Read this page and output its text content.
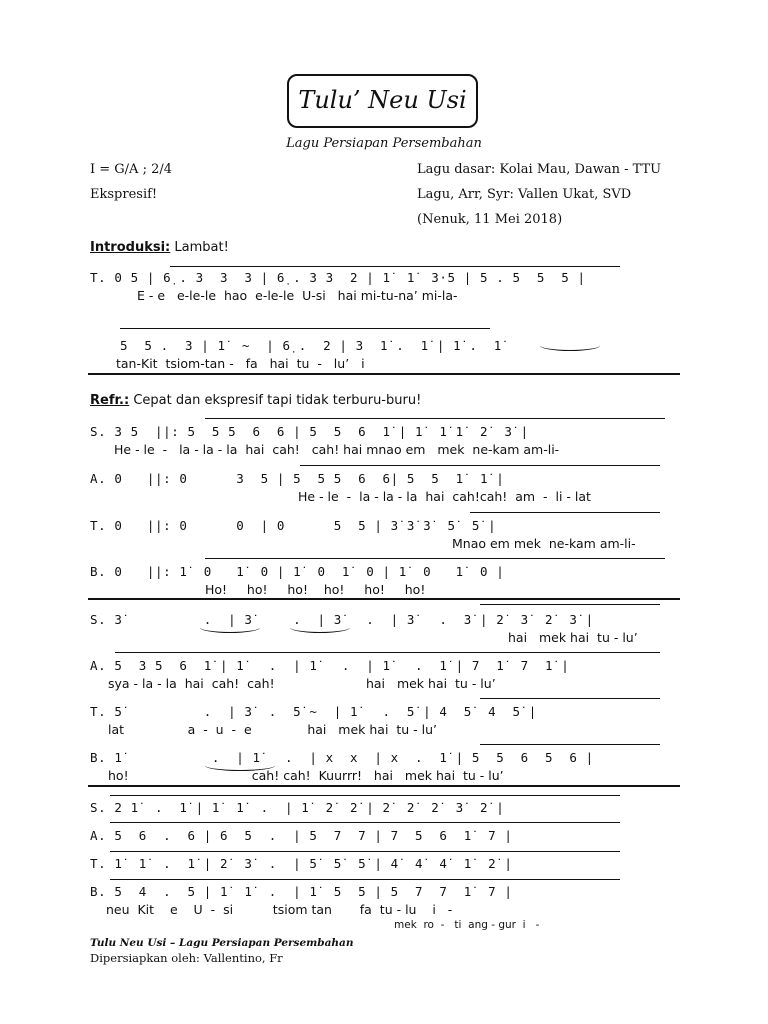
Tulu’ Neu Usi
Lagu Persiapan Persembahan
I = G/A ; 2/4
Ekspresif!
Lagu dasar: Kolai Mau, Dawan - TTU
Lagu, Arr, Syr: Vallen Ukat, SVD
(Nenuk, 11 Mei 2018)
Introduksi: Lambat!
T. 0 5 | 6̣ . 3  3  3 | 6̣ . 3 3  2 | 1̇  1̇  3·5 | 5 . 5  5  5 |
E - e   e-le-le  hao  e-le-le  U-si   hai mi-tu-na’ mi-la-
5  5 .  3 | 1̇  ~  | 6̣ .  2 | 3  1̇ .  1̇ | 1̇ .  1̇
tan-Kit  tsiom-tan -   fa   hai  tu  -   lu’   i
Refr.: Cepat dan ekspresif tapi tidak terburu-buru!
S. 3 5  ||: 5  5 5  6  6 | 5  5  6  1̇ | 1̇  1̇ 1̇  2̇  3̇ |
He - le  -   la - la - la  hai  cah!   cah! hai mnao em   mek  ne-kam am-li-
A. 0   ||: 0      3  5 | 5  5 5  6  6| 5  5  1̇  1̇ |
He - le  -  la - la - la  hai  cah!cah!  am  -  li - lat
T. 0   ||: 0      0  | 0      5  5 | 3̇ 3̇ 3̇  5̇  5̇ |
Mnao em mek  ne-kam am-li-
B. 0   ||: 1̇  0   1̇  0 | 1̇  0  1̇  0 | 1̇  0   1̇  0 |
Ho!     ho!     ho!    ho!     ho!     ho!
S. 3̇          .  | 3̇     .  | 3̇   .  | 3̇   .  3̇ | 2̇  3̇  2̇  3̇ |
hai   mek hai  tu - lu’
A. 5  3 5  6  1̇ | 1̇   .  | 1̇   .  | 1̇   .  1̇ | 7  1̇  7  1̇ |
sya - la - la  hai  cah!  cah!                       hai   mek hai  tu - lu’
T. 5̇          .  | 3̇  .  5̇ ~  | 1̇   .  5̇ | 4  5̇  4  5̇ |
lat                a  -  u  -  e              hai   mek hai  tu - lu’
B. 1̇           .  | 1̇   .  | x  x  | x  .  1̇ | 5  5  6  5  6 |
ho!                               cah! cah!  Kuurrr!   hai   mek hai  tu - lu’
S. 2 1̇  .  1̇ | 1̇  1̇  .  | 1̇  2̇  2̇ | 2̇  2̇  2̇  3̇  2̇ |
A. 5  6  .  6 | 6  5  .  | 5  7  7 | 7  5  6  1̇  7 |
T. 1̇  1̇  .  1̇ | 2̇  3̇  .  | 5̇  5̇  5̇ | 4̇  4̇  4̇  1̇  2̇ |
B. 5  4  .  5 | 1̇  1̇  .  | 1̇  5  5 | 5  7  7  1̇  7 |
neu  Kit    e    U  -  si          tsiom tan       fa  tu - lu    i   -
mek  ro  -   ti  ang - gur  i   -
Tulu Neu Usi – Lagu Persiapan Persembahan
Dipersiapkan oleh: Vallentino, Fr
